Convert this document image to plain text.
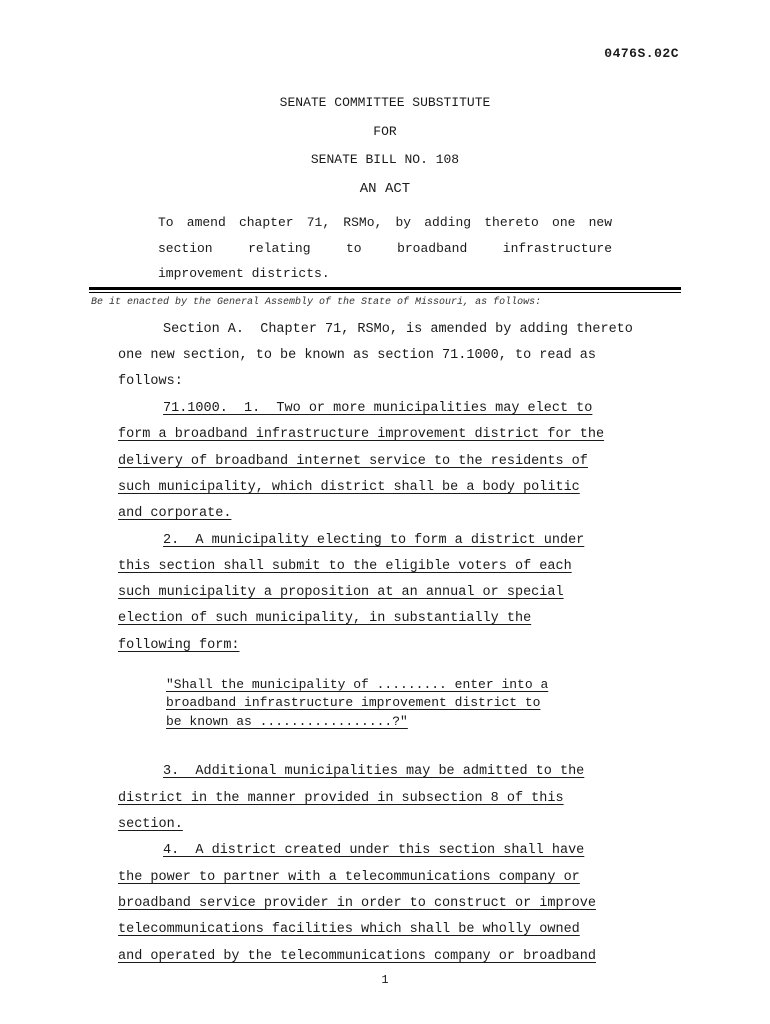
0476S.02C
SENATE COMMITTEE SUBSTITUTE
FOR
SENATE BILL NO. 108
AN ACT
To amend chapter 71, RSMo, by adding thereto one new
section relating to broadband infrastructure
improvement districts.
Be it enacted by the General Assembly of the State of Missouri, as follows:
Section A.  Chapter 71, RSMo, is amended by adding thereto
one new section, to be known as section 71.1000, to read as
follows:
71.1000.  1.  Two or more municipalities may elect to
form a broadband infrastructure improvement district for the
delivery of broadband internet service to the residents of
such municipality, which district shall be a body politic
and corporate.
2.  A municipality electing to form a district under
this section shall submit to the eligible voters of each
such municipality a proposition at an annual or special
election of such municipality, in substantially the
following form:
"Shall the municipality of ......... enter into a
broadband infrastructure improvement district to
be known as .................?"
3.  Additional municipalities may be admitted to the
district in the manner provided in subsection 8 of this
section.
4.  A district created under this section shall have
the power to partner with a telecommunications company or
broadband service provider in order to construct or improve
telecommunications facilities which shall be wholly owned
and operated by the telecommunications company or broadband
1
